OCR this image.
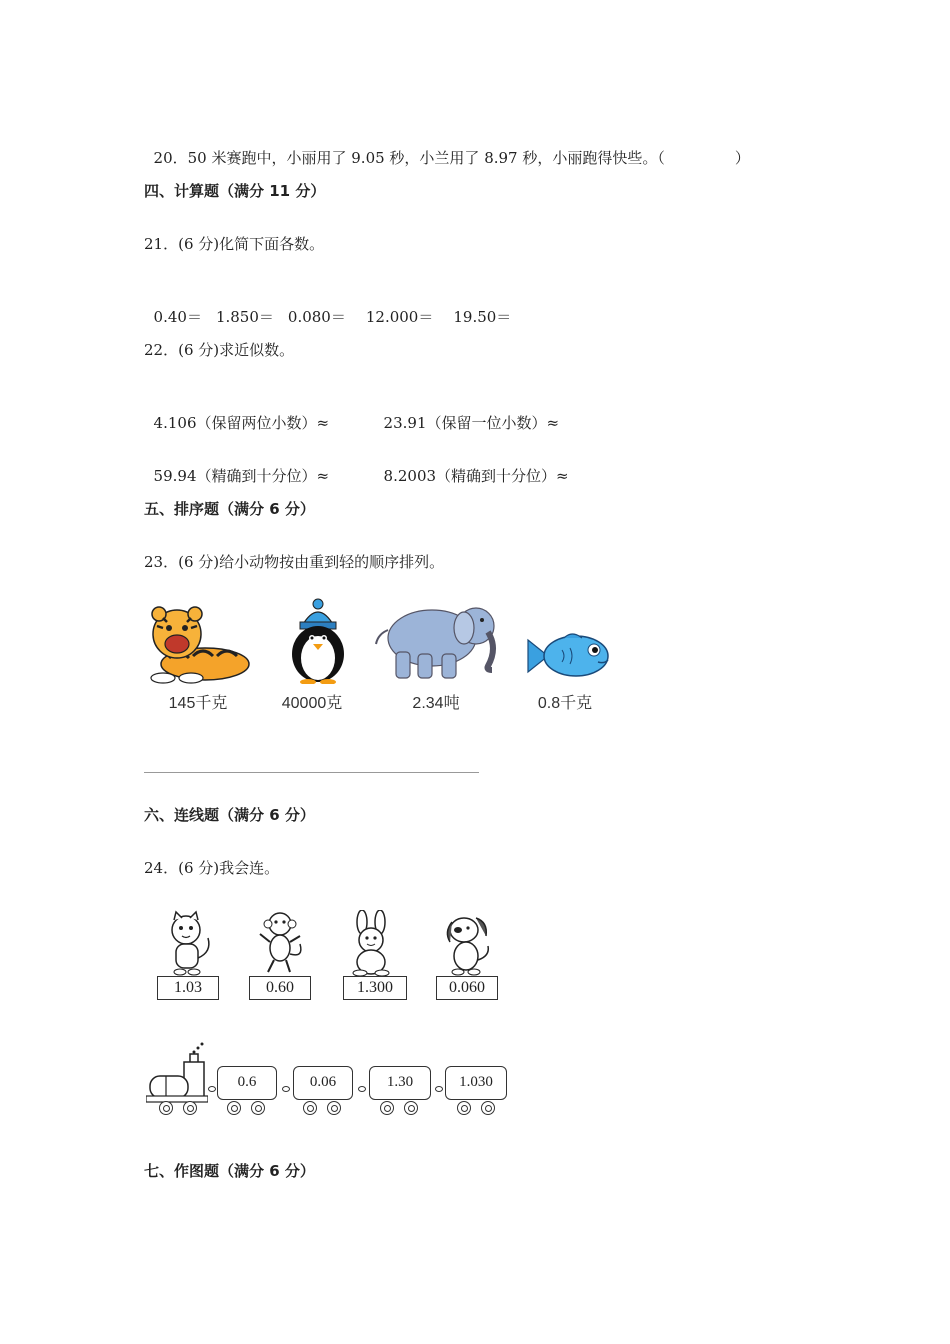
20．50 米赛跑中，小丽用了 9.05 秒，小兰用了 8.97 秒，小丽跑得快些。（	）

四、计算题（满分 11 分）
21．(6 分)化简下面各数。

0.40＝ 1.850＝ 0.080＝ 12.000＝ 19.50＝

22．(6 分)求近似数。

4.106（保留两位小数）≈	23.91（保留一位小数）≈

59.94（精确到十分位）≈	8.2003（精确到十分位）≈

五、排序题（满分 6 分）
23．(6 分)给小动物按由重到轻的顺序排列。
145千克	40000克	2.34吨	0.8千克
六、连线题（满分 6 分）
24．(6 分)我会连。
1.03	0.60	1.300	0.060
0.6	0.06	1.30	1.030
七、作图题（满分 6 分）
